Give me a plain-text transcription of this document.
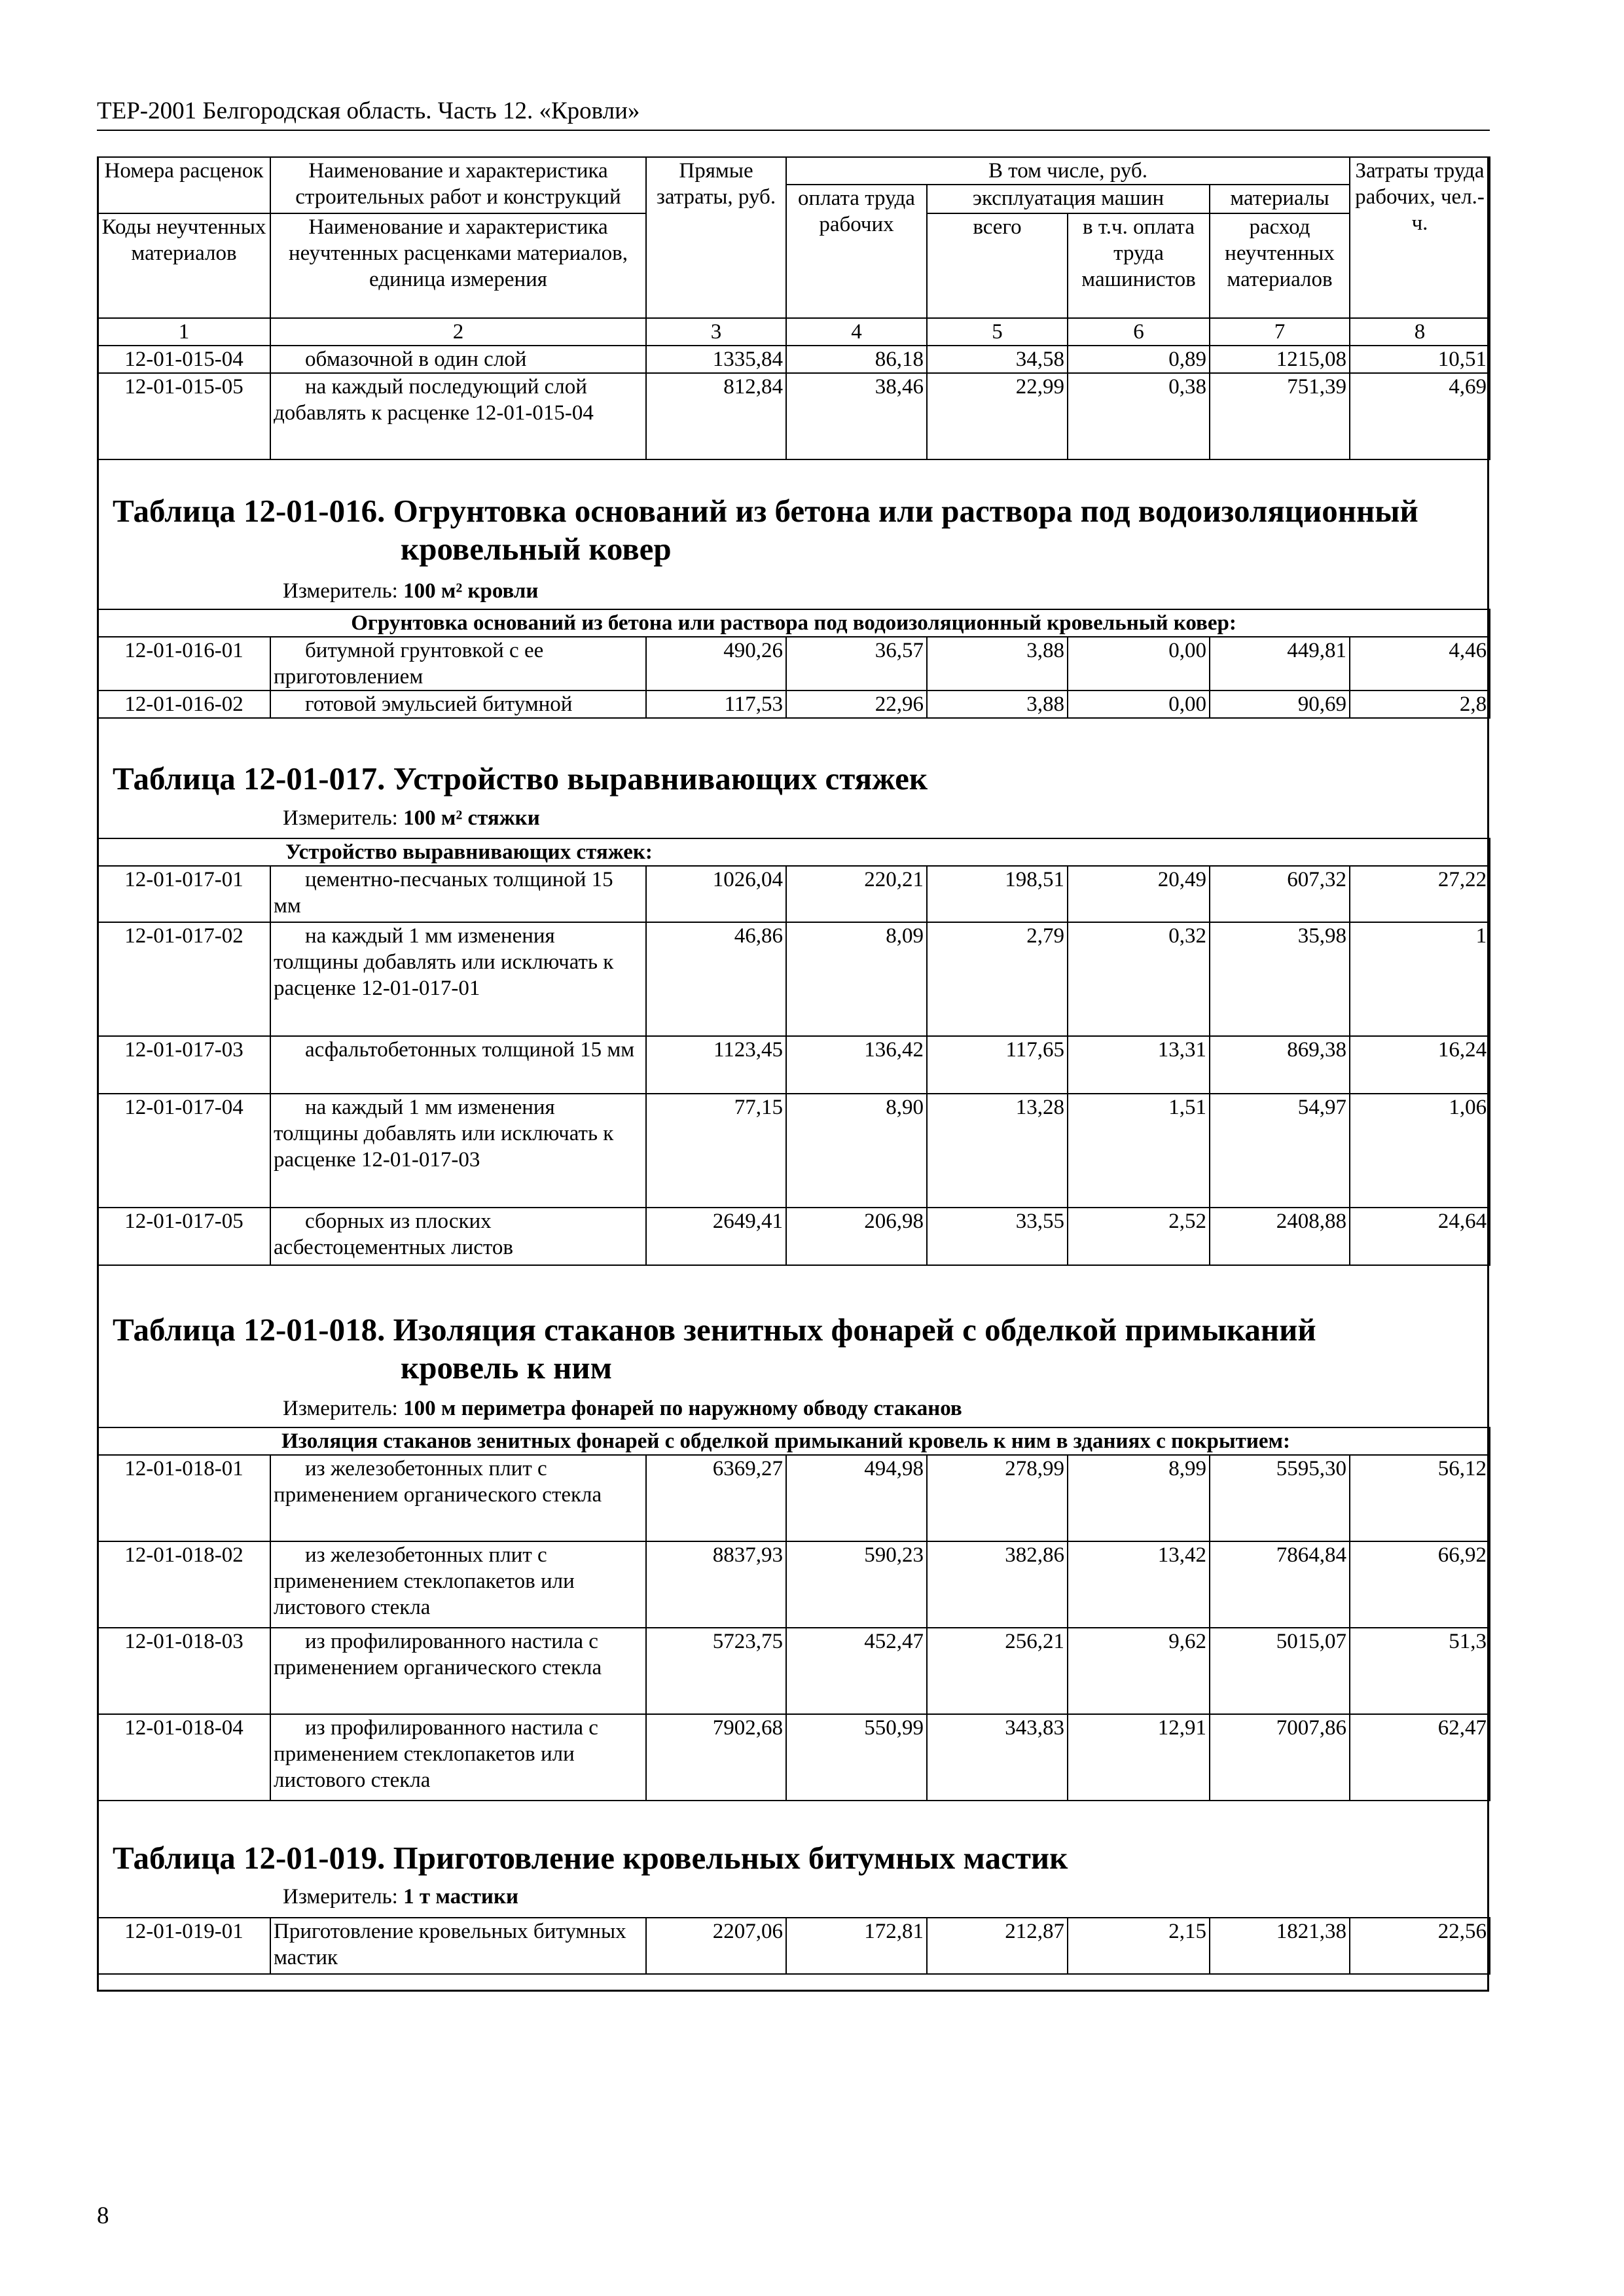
ТЕР-2001 Белгородская область. Часть 12. «Кровли»
Номера расценок	Наименование и характеристика строительных работ и конструкций	Прямые затраты, руб.	В том числе, руб.				Затраты труда рабочих, чел.-ч.
			оплата труда рабочих	эксплуатация машин		материалы	
Коды неучтенных материалов	Наименование и характеристика неучтенных расценками материалов, единица измерения			всего	в т.ч. оплата труда машинистов	расход неучтенных материалов	

1	2	3	4	5	6	7	8
12-01-015-04	обмазочной в один слой	1335,84	86,18	34,58	0,89	1215,08	10,51
12-01-015-05	на каждый последующий слой добавлять к расценке 12-01-015-04	812,84	38,46	22,99	0,38	751,39	4,69
Таблица 12-01-016. Огрунтовка оснований из бетона или раствора под водоизоляционный
кровельный ковер
Измеритель: 100 м² кровли
Огрунтовка оснований из бетона или раствора под водоизоляционный кровельный ковер:							
12-01-016-01	битумной грунтовкой с ее приготовлением	490,26	36,57	3,88	0,00	449,81	4,46
12-01-016-02	готовой эмульсией битумной	117,53	22,96	3,88	0,00	90,69	2,8
Таблица 12-01-017. Устройство выравнивающих стяжек
Измеритель: 100 м² стяжки
Устройство выравнивающих стяжек:							
12-01-017-01	цементно-песчаных толщиной 15 мм	1026,04	220,21	198,51	20,49	607,32	27,22
12-01-017-02	на каждый 1 мм изменения толщины добавлять или исключать к расценке 12-01-017-01	46,86	8,09	2,79	0,32	35,98	1
12-01-017-03	асфальтобетонных толщиной 15 мм	1123,45	136,42	117,65	13,31	869,38	16,24
12-01-017-04	на каждый 1 мм изменения толщины добавлять или исключать к расценке 12-01-017-03	77,15	8,90	13,28	1,51	54,97	1,06
12-01-017-05	сборных из плоских асбестоцементных листов	2649,41	206,98	33,55	2,52	2408,88	24,64
Таблица 12-01-018. Изоляция стаканов зенитных фонарей с обделкой примыканий
кровель к ним
Измеритель: 100 м периметра фонарей по наружному обводу стаканов
Изоляция стаканов зенитных фонарей с обделкой примыканий кровель к ним в зданиях с покрытием:							
12-01-018-01	из железобетонных плит с применением органического стекла	6369,27	494,98	278,99	8,99	5595,30	56,12
12-01-018-02	из железобетонных плит с применением стеклопакетов или листового стекла	8837,93	590,23	382,86	13,42	7864,84	66,92
12-01-018-03	из профилированного настила с применением органического стекла	5723,75	452,47	256,21	9,62	5015,07	51,3
12-01-018-04	из профилированного настила с применением стеклопакетов или листового стекла	7902,68	550,99	343,83	12,91	7007,86	62,47
Таблица 12-01-019. Приготовление кровельных битумных мастик
Измеритель: 1 т мастики
12-01-019-01	Приготовление кровельных битумных мастик	2207,06	172,81	212,87	2,15	1821,38	22,56
8
